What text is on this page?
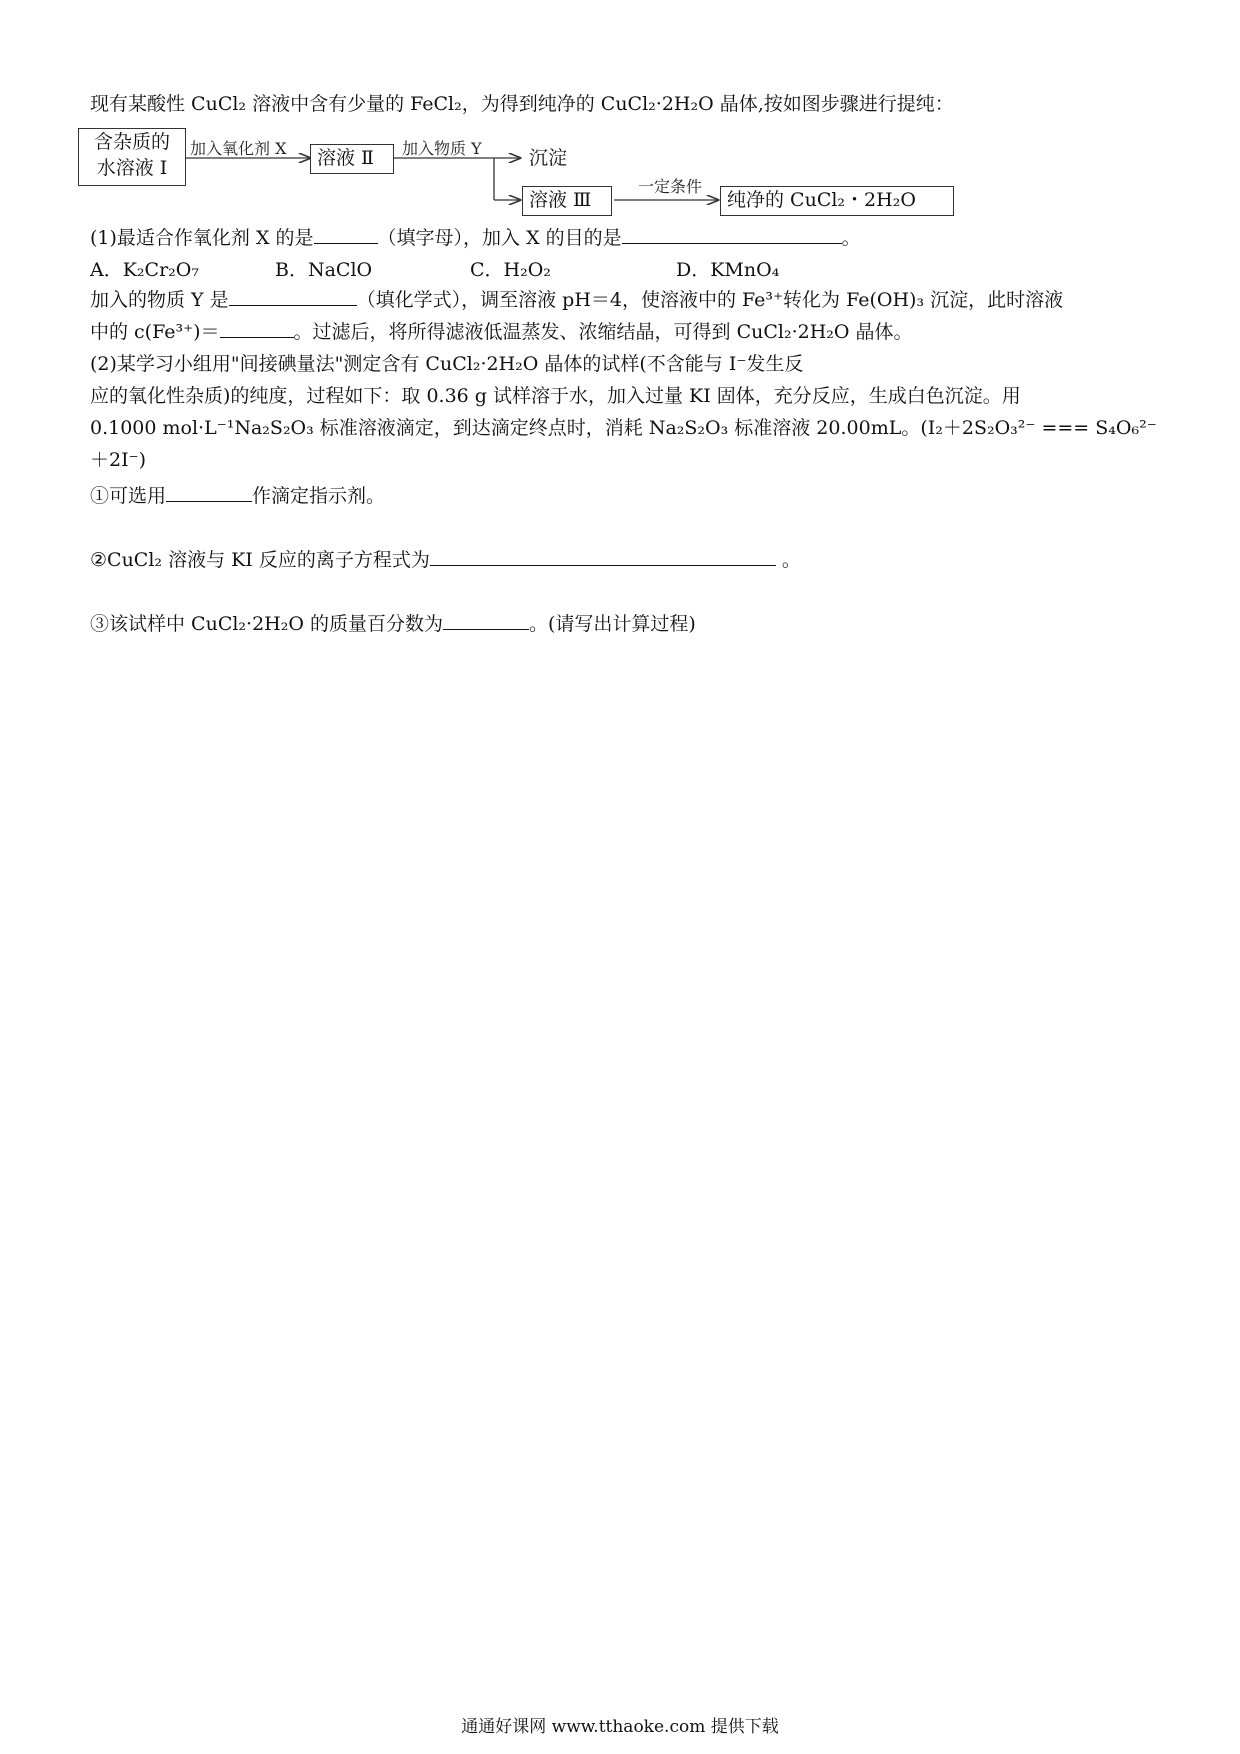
现有某酸性 CuCl₂ 溶液中含有少量的 FeCl₂，为得到纯净的 CuCl₂·2H₂O 晶体,按如图步骤进行提纯：
含杂质的
水溶液 Ⅰ
加入氧化剂 X	溶液 Ⅱ	加入物质 Y	沉淀
溶液 Ⅲ
一定条件
纯净的 CuCl₂・2H₂O
(1)最适合作氧化剂 X 的是	（填字母），加入 X 的目的是	。
A．K₂Cr₂O₇	B．NaClO	C．H₂O₂	D．KMnO₄
加入的物质 Y 是	（填化学式），调至溶液 pH＝4，使溶液中的 Fe³⁺转化为 Fe(OH)₃ 沉淀，此时溶液
中的 c(Fe³⁺)＝	。过滤后，将所得滤液低温蒸发、浓缩结晶，可得到 CuCl₂·2H₂O 晶体。
(2)某学习小组用"间接碘量法"测定含有 CuCl₂·2H₂O 晶体的试样(不含能与 I⁻发生反
应的氧化性杂质)的纯度，过程如下：取 0.36 g 试样溶于水，加入过量 KI 固体，充分反应，生成白色沉淀。用
0.1000 mol·L⁻¹Na₂S₂O₃ 标准溶液滴定，到达滴定终点时，消耗 Na₂S₂O₃ 标准溶液 20.00mL。(I₂＋2S₂O₃²⁻ === S₄O₆²⁻
＋2I⁻)
①可选用	作滴定指示剂。
②CuCl₂ 溶液与 KI 反应的离子方程式为	。
③该试样中 CuCl₂·2H₂O 的质量百分数为	。(请写出计算过程)
通通好课网 www.tthaoke.com 提供下载
